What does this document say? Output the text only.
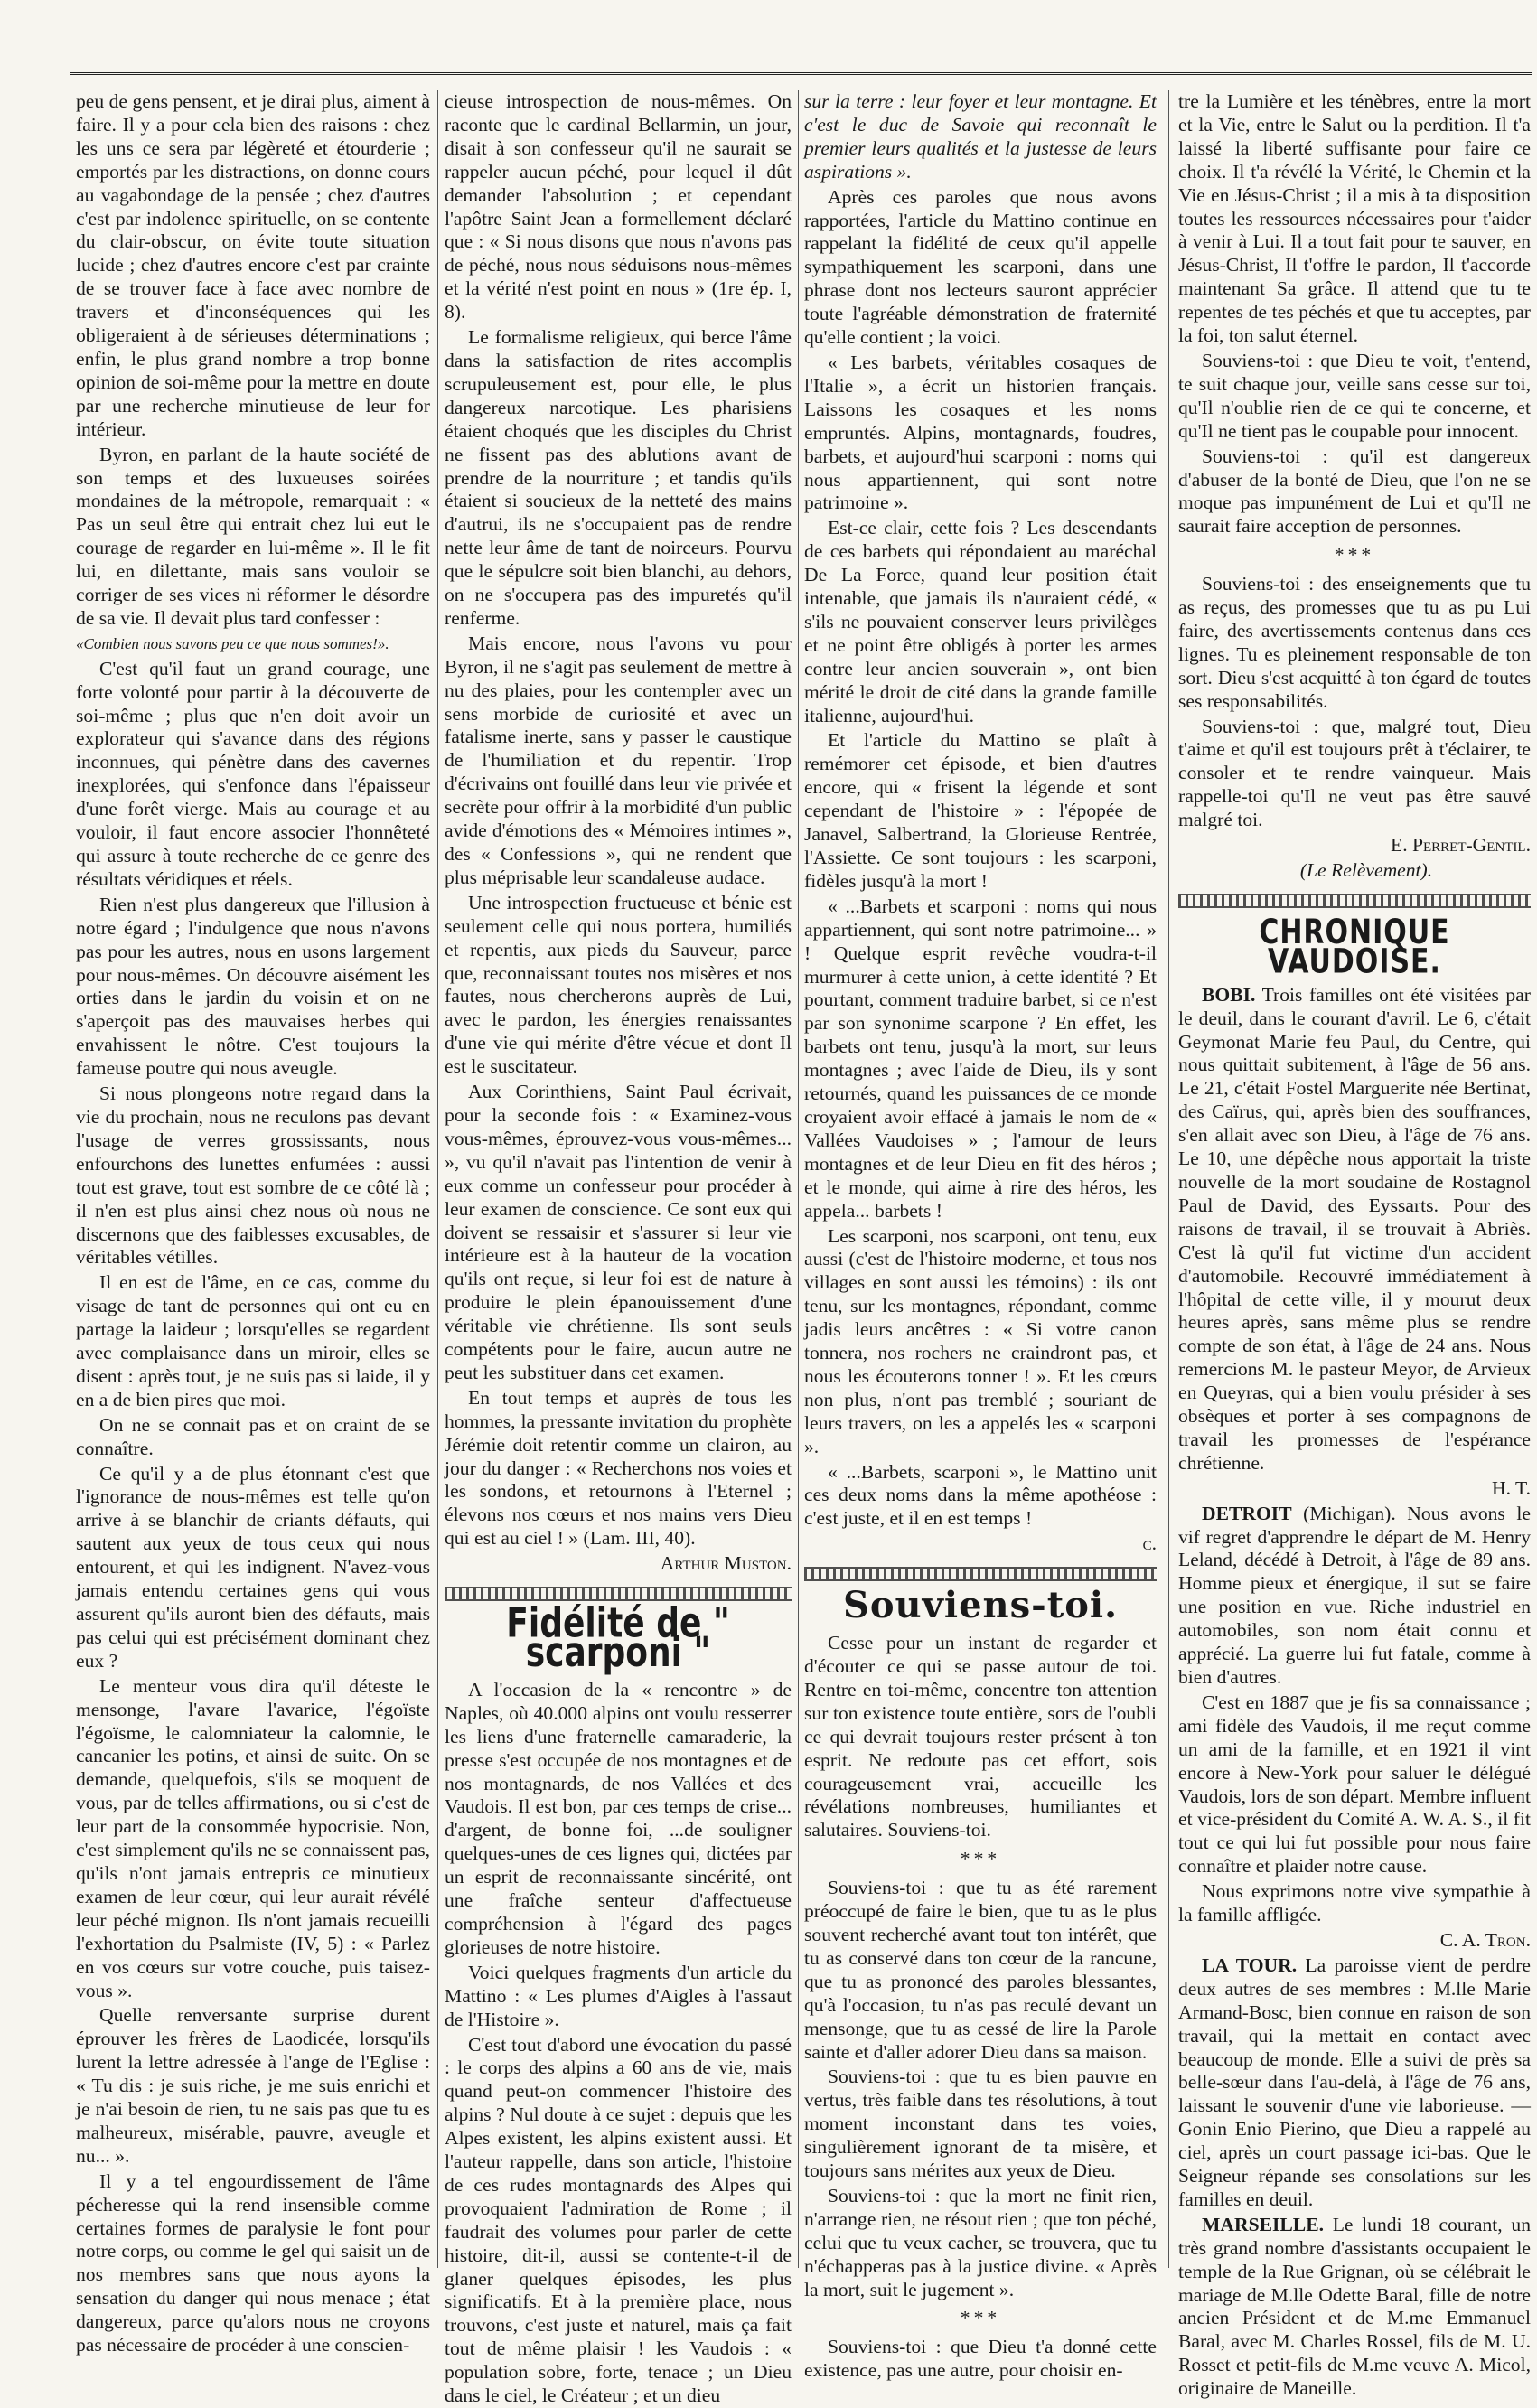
peu de gens pensent, et je dirai plus, aiment à faire. Il y a pour cela bien des raisons : chez les uns ce sera par légèreté et étourderie ; emportés par les distractions, on donne cours au vagabondage de la pensée ; chez d'autres c'est par indolence spirituelle, on se contente du clair-obscur, on évite toute situation lucide ; chez d'autres encore c'est par crainte de se trouver face à face avec nombre de travers et d'inconséquences qui les obligeraient à de sérieuses déterminations ; enfin, le plus grand nombre a trop bonne opinion de soi-même pour la mettre en doute par une recherche minutieuse de leur for intérieur.

Byron, en parlant de la haute société de son temps et des luxueuses soirées mondaines de la métropole, remarquait : « Pas un seul être qui entrait chez lui eut le courage de regarder en lui-même ». Il le fit lui, en dilettante, mais sans vouloir se corriger de ses vices ni réformer le désordre de sa vie. Il devait plus tard confesser :

«Combien nous savons peu ce que nous sommes!».

C'est qu'il faut un grand courage, une forte volonté pour partir à la découverte de soi-même ; plus que n'en doit avoir un explorateur qui s'avance dans des régions inconnues, qui pénètre dans des cavernes inexplorées, qui s'enfonce dans l'épaisseur d'une forêt vierge. Mais au courage et au vouloir, il faut encore associer l'honnêteté qui assure à toute recherche de ce genre des résultats véridiques et réels.

Rien n'est plus dangereux que l'illusion à notre égard ; l'indulgence que nous n'avons pas pour les autres, nous en usons largement pour nous-mêmes. On découvre aisément les orties dans le jardin du voisin et on ne s'aperçoit pas des mauvaises herbes qui envahissent le nôtre. C'est toujours la fameuse poutre qui nous aveugle.

Si nous plongeons notre regard dans la vie du prochain, nous ne reculons pas devant l'usage de verres grossissants, nous enfourchons des lunettes enfumées : aussi tout est grave, tout est sombre de ce côté là ; il n'en est plus ainsi chez nous où nous ne discernons que des faiblesses excusables, de véritables vétilles.

Il en est de l'âme, en ce cas, comme du visage de tant de personnes qui ont eu en partage la laideur ; lorsqu'elles se regardent avec complaisance dans un miroir, elles se disent : après tout, je ne suis pas si laide, il y en a de bien pires que moi.

On ne se connait pas et on craint de se connaître.

Ce qu'il y a de plus étonnant c'est que l'ignorance de nous-mêmes est telle qu'on arrive à se blanchir de criants défauts, qui sautent aux yeux de tous ceux qui nous entourent, et qui les indignent. N'avez-vous jamais entendu certaines gens qui vous assurent qu'ils auront bien des défauts, mais pas celui qui est précisément dominant chez eux ?

Le menteur vous dira qu'il déteste le mensonge, l'avare l'avarice, l'égoïste l'égoïsme, le calomniateur la calomnie, le cancanier les potins, et ainsi de suite. On se demande, quelquefois, s'ils se moquent de vous, par de telles affirmations, ou si c'est de leur part de la consommée hypocrisie. Non, c'est simplement qu'ils ne se connaissent pas, qu'ils n'ont jamais entrepris ce minutieux examen de leur cœur, qui leur aurait révélé leur péché mignon. Ils n'ont jamais recueilli l'exhortation du Psalmiste (IV, 5) : « Parlez en vos cœurs sur votre couche, puis taisez-vous ».

Quelle renversante surprise durent éprouver les frères de Laodicée, lorsqu'ils lurent la lettre adressée à l'ange de l'Eglise : « Tu dis : je suis riche, je me suis enrichi et je n'ai besoin de rien, tu ne sais pas que tu es malheureux, misérable, pauvre, aveugle et nu... ».

Il y a tel engourdissement de l'âme pécheresse qui la rend insensible comme certaines formes de paralysie le font pour notre corps, ou comme le gel qui saisit un de nos membres sans que nous ayons la sensation du danger qui nous menace ; état dangereux, parce qu'alors nous ne croyons pas nécessaire de procéder à une conscien-

cieuse introspection de nous-mêmes. On raconte que le cardinal Bellarmin, un jour, disait à son confesseur qu'il ne saurait se rappeler aucun péché, pour lequel il dût demander l'absolution ; et cependant l'apôtre Saint Jean a formellement déclaré que : « Si nous disons que nous n'avons pas de péché, nous nous séduisons nous-mêmes et la vérité n'est point en nous » (1re ép. I, 8).

Le formalisme religieux, qui berce l'âme dans la satisfaction de rites accomplis scrupuleusement est, pour elle, le plus dangereux narcotique. Les pharisiens étaient choqués que les disciples du Christ ne fissent pas des ablutions avant de prendre de la nourriture ; et tandis qu'ils étaient si soucieux de la netteté des mains d'autrui, ils ne s'occupaient pas de rendre nette leur âme de tant de noirceurs. Pourvu que le sépulcre soit bien blanchi, au dehors, on ne s'occupera pas des impuretés qu'il renferme.

Mais encore, nous l'avons vu pour Byron, il ne s'agit pas seulement de mettre à nu des plaies, pour les contempler avec un sens morbide de curiosité et avec un fatalisme inerte, sans y passer le caustique de l'humiliation et du repentir. Trop d'écrivains ont fouillé dans leur vie privée et secrète pour offrir à la morbidité d'un public avide d'émotions des « Mémoires intimes », des « Confessions », qui ne rendent que plus méprisable leur scandaleuse audace.

Une introspection fructueuse et bénie est seulement celle qui nous portera, humiliés et repentis, aux pieds du Sauveur, parce que, reconnaissant toutes nos misères et nos fautes, nous chercherons auprès de Lui, avec le pardon, les énergies renaissantes d'une vie qui mérite d'être vécue et dont Il est le suscitateur.

Aux Corinthiens, Saint Paul écrivait, pour la seconde fois : « Examinez-vous vous-mêmes, éprouvez-vous vous-mêmes... », vu qu'il n'avait pas l'intention de venir à eux comme un confesseur pour procéder à leur examen de conscience. Ce sont eux qui doivent se ressaisir et s'assurer si leur vie intérieure est à la hauteur de la vocation qu'ils ont reçue, si leur foi est de nature à produire le plein épanouissement d'une véritable vie chrétienne. Ils sont seuls compétents pour le faire, aucun autre ne peut les substituer dans cet examen.

En tout temps et auprès de tous les hommes, la pressante invitation du prophète Jérémie doit retentir comme un clairon, au jour du danger : « Recherchons nos voies et les sondons, et retournons à l'Eternel ; élevons nos cœurs et nos mains vers Dieu qui est au ciel ! » (Lam. III, 40).

Arthur Muston.

Fidélité de " scarponi "

A l'occasion de la « rencontre » de Naples, où 40.000 alpins ont voulu resserrer les liens d'une fraternelle camaraderie, la presse s'est occupée de nos montagnes et de nos montagnards, de nos Vallées et des Vaudois. Il est bon, par ces temps de crise... d'argent, de bonne foi, ...de souligner quelques-unes de ces lignes qui, dictées par un esprit de reconnaissante sincérité, ont une fraîche senteur d'affectueuse compréhension à l'égard des pages glorieuses de notre histoire.

Voici quelques fragments d'un article du Mattino : « Les plumes d'Aigles à l'assaut de l'Histoire ».

C'est tout d'abord une évocation du passé : le corps des alpins a 60 ans de vie, mais quand peut-on commencer l'histoire des alpins ? Nul doute à ce sujet : depuis que les Alpes existent, les alpins existent aussi. Et l'auteur rappelle, dans son article, l'histoire de ces rudes montagnards des Alpes qui provoquaient l'admiration de Rome ; il faudrait des volumes pour parler de cette histoire, dit-il, aussi se contente-t-il de glaner quelques épisodes, les plus significatifs. Et à la première place, nous trouvons, c'est juste et naturel, mais ça fait tout de même plaisir ! les Vaudois : « population sobre, forte, tenace ; un Dieu dans le ciel, le Créateur ; et un dieu

sur la terre : leur foyer et leur montagne. Et c'est le duc de Savoie qui reconnaît le premier leurs qualités et la justesse de leurs aspirations ».

Après ces paroles que nous avons rapportées, l'article du Mattino continue en rappelant la fidélité de ceux qu'il appelle sympathiquement les scarponi, dans une phrase dont nos lecteurs sauront apprécier toute l'agréable démonstration de fraternité qu'elle contient ; la voici.

« Les barbets, véritables cosaques de l'Italie », a écrit un historien français. Laissons les cosaques et les noms empruntés. Alpins, montagnards, foudres, barbets, et aujourd'hui scarponi : noms qui nous appartiennent, qui sont notre patrimoine ».

Est-ce clair, cette fois ? Les descendants de ces barbets qui répondaient au maréchal De La Force, quand leur position était intenable, que jamais ils n'auraient cédé, « s'ils ne pouvaient conserver leurs privilèges et ne point être obligés à porter les armes contre leur ancien souverain », ont bien mérité le droit de cité dans la grande famille italienne, aujourd'hui.

Et l'article du Mattino se plaît à remémorer cet épisode, et bien d'autres encore, qui « frisent la légende et sont cependant de l'histoire » : l'épopée de Janavel, Salbertrand, la Glorieuse Rentrée, l'Assiette. Ce sont toujours : les scarponi, fidèles jusqu'à la mort !

« ...Barbets et scarponi : noms qui nous appartiennent, qui sont notre patrimoine... » ! Quelque esprit revêche voudra-t-il murmurer à cette union, à cette identité ? Et pourtant, comment traduire barbet, si ce n'est par son synonime scarpone ? En effet, les barbets ont tenu, jusqu'à la mort, sur leurs montagnes ; avec l'aide de Dieu, ils y sont retournés, quand les puissances de ce monde croyaient avoir effacé à jamais le nom de « Vallées Vaudoises » ; l'amour de leurs montagnes et de leur Dieu en fit des héros ; et le monde, qui aime à rire des héros, les appela... barbets !

Les scarponi, nos scarponi, ont tenu, eux aussi (c'est de l'histoire moderne, et tous nos villages en sont aussi les témoins) : ils ont tenu, sur les montagnes, répondant, comme jadis leurs ancêtres : « Si votre canon tonnera, nos rochers ne craindront pas, et nous les écouterons tonner ! ». Et les cœurs non plus, n'ont pas tremblé ; souriant de leurs travers, on les a appelés les « scarponi ».

« ...Barbets, scarponi », le Mattino unit ces deux noms dans la même apothéose : c'est juste, et il en est temps !

c.

Souviens-toi.

Cesse pour un instant de regarder et d'écouter ce qui se passe autour de toi. Rentre en toi-même, concentre ton attention sur ton existence toute entière, sors de l'oubli ce qui devrait toujours rester présent à ton esprit. Ne redoute pas cet effort, sois courageusement vrai, accueille les révélations nombreuses, humiliantes et salutaires. Souviens-toi.

***

Souviens-toi : que tu as été rarement préoccupé de faire le bien, que tu as le plus souvent recherché avant tout ton intérêt, que tu as conservé dans ton cœur de la rancune, que tu as prononcé des paroles blessantes, qu'à l'occasion, tu n'as pas reculé devant un mensonge, que tu as cessé de lire la Parole sainte et d'aller adorer Dieu dans sa maison.

Souviens-toi : que tu es bien pauvre en vertus, très faible dans tes résolutions, à tout moment inconstant dans tes voies, singulièrement ignorant de ta misère, et toujours sans mérites aux yeux de Dieu.

Souviens-toi : que la mort ne finit rien, n'arrange rien, ne résout rien ; que ton péché, celui que tu veux cacher, se trouvera, que tu n'échapperas pas à la justice divine. « Après la mort, suit le jugement ».

***

Souviens-toi : que Dieu t'a donné cette existence, pas une autre, pour choisir en-

tre la Lumière et les ténèbres, entre la mort et la Vie, entre le Salut ou la perdition. Il t'a laissé la liberté suffisante pour faire ce choix. Il t'a révélé la Vérité, le Chemin et la Vie en Jésus-Christ ; il a mis à ta disposition toutes les ressources nécessaires pour t'aider à venir à Lui. Il a tout fait pour te sauver, en Jésus-Christ, Il t'offre le pardon, Il t'accorde maintenant Sa grâce. Il attend que tu te repentes de tes péchés et que tu acceptes, par la foi, ton salut éternel.

Souviens-toi : que Dieu te voit, t'entend, te suit chaque jour, veille sans cesse sur toi, qu'Il n'oublie rien de ce qui te concerne, et qu'Il ne tient pas le coupable pour innocent.

Souviens-toi : qu'il est dangereux d'abuser de la bonté de Dieu, que l'on ne se moque pas impunément de Lui et qu'Il ne saurait faire acception de personnes.

***

Souviens-toi : des enseignements que tu as reçus, des promesses que tu as pu Lui faire, des avertissements contenus dans ces lignes. Tu es pleinement responsable de ton sort. Dieu s'est acquitté à ton égard de toutes ses responsabilités.

Souviens-toi : que, malgré tout, Dieu t'aime et qu'il est toujours prêt à t'éclairer, te consoler et te rendre vainqueur. Mais rappelle-toi qu'Il ne veut pas être sauvé malgré toi.

E. Perret-Gentil.

(Le Relèvement).

CHRONIQUE VAUDOISE.

BOBI. Trois familles ont été visitées par le deuil, dans le courant d'avril. Le 6, c'était Geymonat Marie feu Paul, du Centre, qui nous quittait subitement, à l'âge de 56 ans. Le 21, c'était Fostel Marguerite née Bertinat, des Caïrus, qui, après bien des souffrances, s'en allait avec son Dieu, à l'âge de 76 ans. Le 10, une dépêche nous apportait la triste nouvelle de la mort soudaine de Rostagnol Paul de David, des Eyssarts. Pour des raisons de travail, il se trouvait à Abriès. C'est là qu'il fut victime d'un accident d'automobile. Recouvré immédiatement à l'hôpital de cette ville, il y mourut deux heures après, sans même plus se rendre compte de son état, à l'âge de 24 ans. Nous remercions M. le pasteur Meyor, de Arvieux en Queyras, qui a bien voulu présider à ses obsèques et porter à ses compagnons de travail les promesses de l'espérance chrétienne.

H. T.

DETROIT (Michigan). Nous avons le vif regret d'apprendre le départ de M. Henry Leland, décédé à Detroit, à l'âge de 89 ans. Homme pieux et énergique, il sut se faire une position en vue. Riche industriel en automobiles, son nom était connu et apprécié. La guerre lui fut fatale, comme à bien d'autres.

C'est en 1887 que je fis sa connaissance ; ami fidèle des Vaudois, il me reçut comme un ami de la famille, et en 1921 il vint encore à New-York pour saluer le délégué Vaudois, lors de son départ. Membre influent et vice-président du Comité A. W. A. S., il fit tout ce qui lui fut possible pour nous faire connaître et plaider notre cause.

Nous exprimons notre vive sympathie à la famille affligée.

C. A. Tron.

LA TOUR. La paroisse vient de perdre deux autres de ses membres : M.lle Marie Armand-Bosc, bien connue en raison de son travail, qui la mettait en contact avec beaucoup de monde. Elle a suivi de près sa belle-sœur dans l'au-delà, à l'âge de 76 ans, laissant le souvenir d'une vie laborieuse. — Gonin Enio Pierino, que Dieu a rappelé au ciel, après un court passage ici-bas. Que le Seigneur répande ses consolations sur les familles en deuil.

MARSEILLE. Le lundi 18 courant, un très grand nombre d'assistants occupaient le temple de la Rue Grignan, où se célébrait le mariage de M.lle Odette Baral, fille de notre ancien Président et de M.me Emmanuel Baral, avec M. Charles Rossel, fils de M. U. Rosset et petit-fils de M.me veuve A. Micol, originaire de Maneille.
